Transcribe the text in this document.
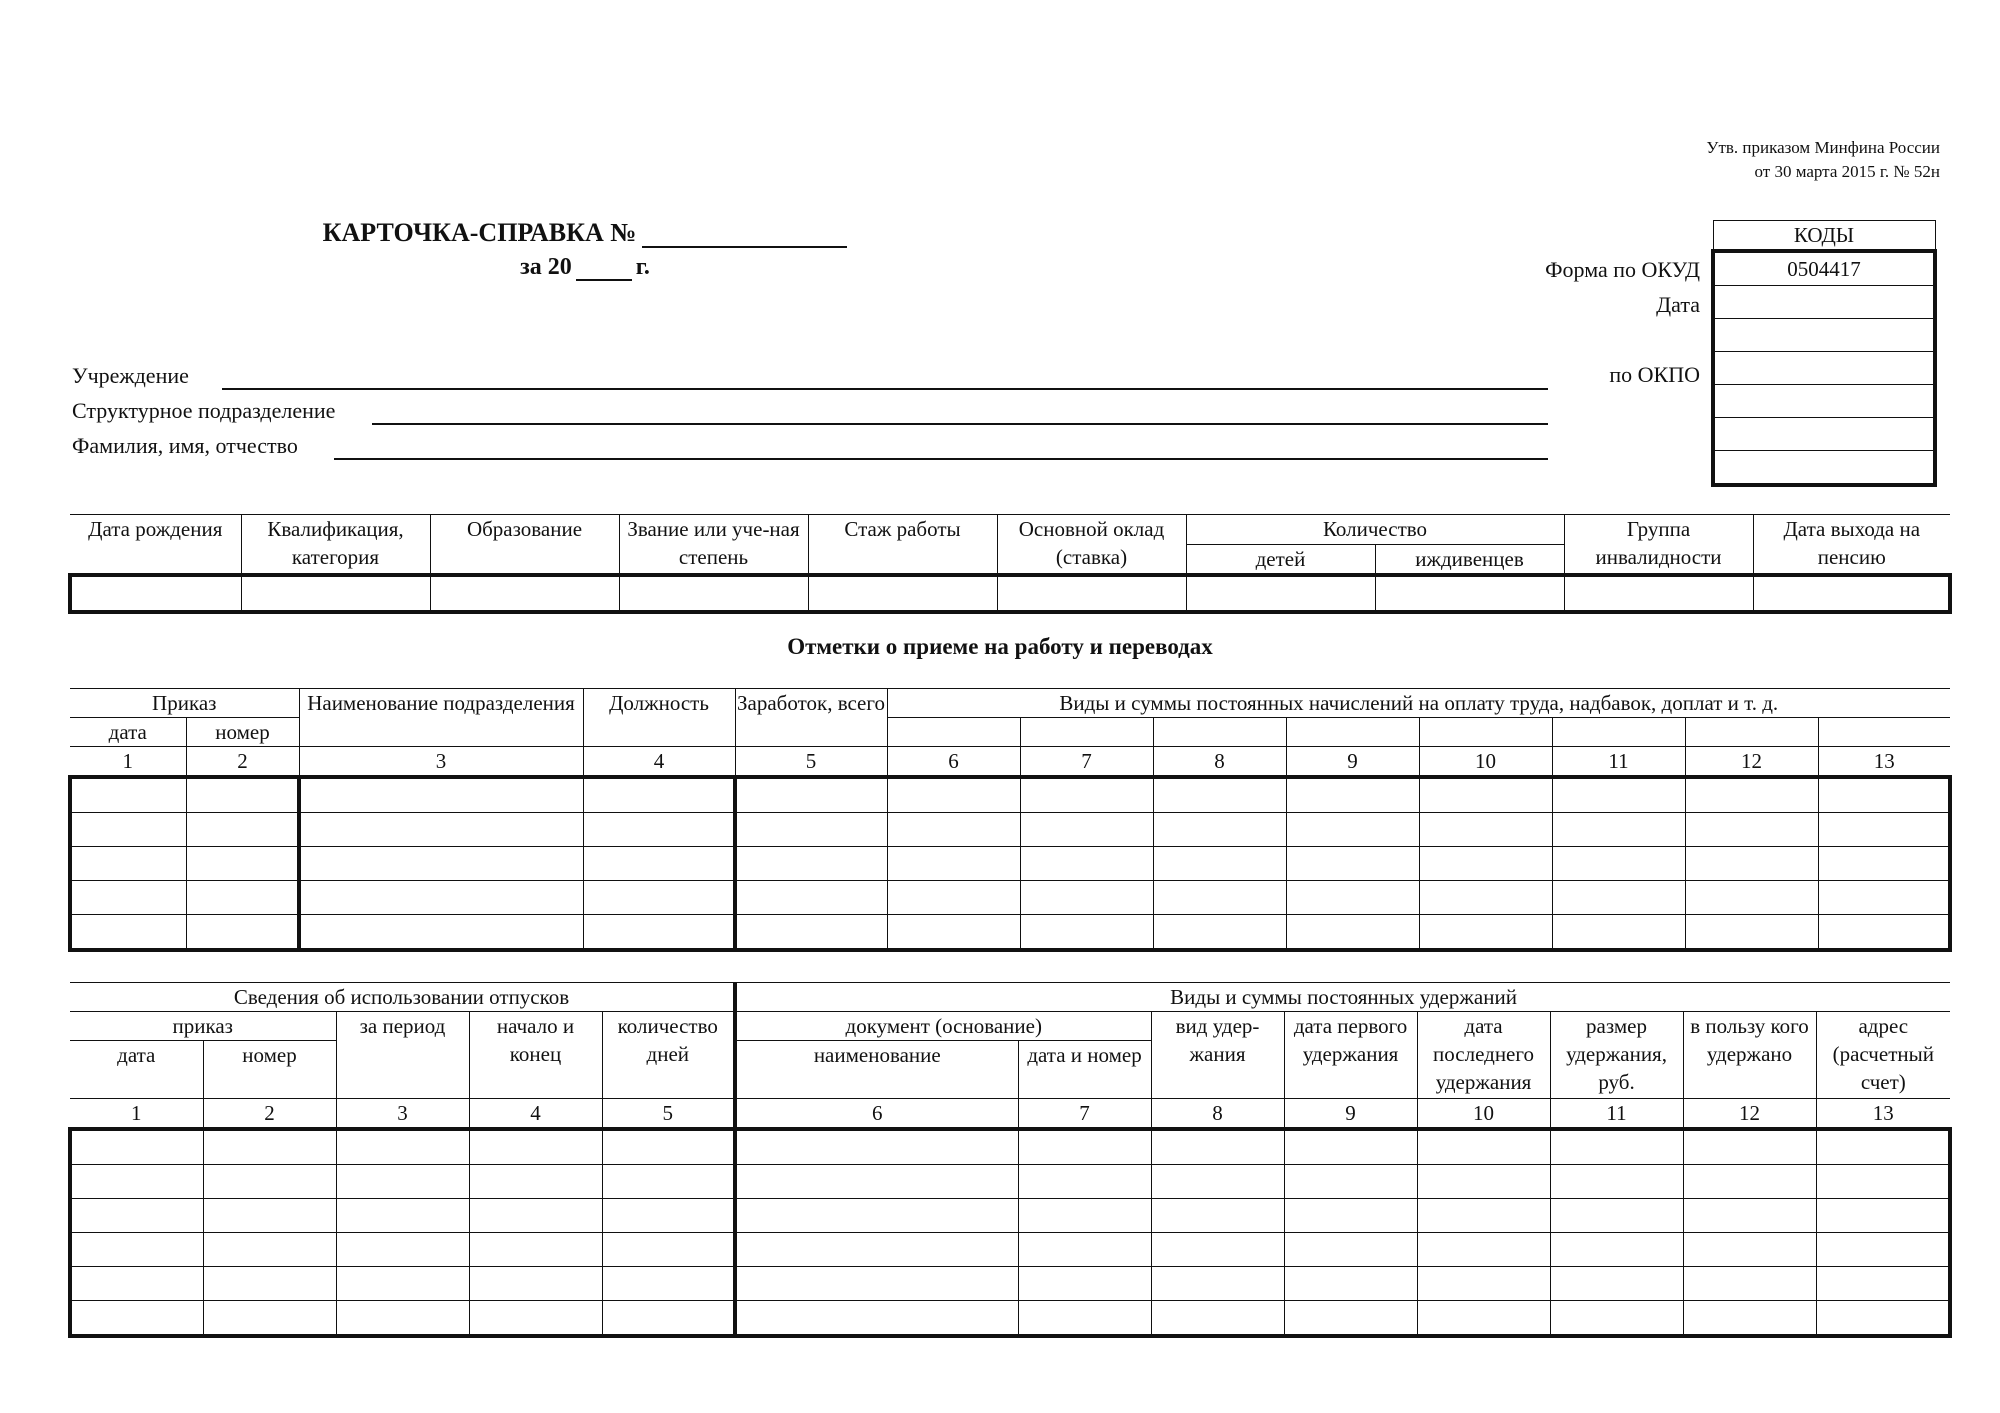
Утв. приказом Минфина России
от 30 марта 2015 г. № 52н
КАРТОЧКА-СПРАВКА №
за 20	г.
КОДЫ
0504417

Форма по ОКУД
Дата
по ОКПО
Учреждение
Структурное подразделение
Фамилия, имя, отчество
Дата рождения	Квалификация, категория	Образование	Звание или уче-ная степень	Стаж работы	Основной оклад (ставка)	Количество		Группа инвалидности	Дата выхода на пенсию
						детей	иждивенцев		

Отметки о приеме на работу и переводах
Приказ		Наименование подразделения	Должность	Заработок, всего	Виды и суммы постоянных начислений на оплату труда, надбавок, доплат и т. д.							
дата	номер											
1	2	3	4	5	6	7	8	9	10	11	12	13

Сведения об использовании отпусков					Виды и суммы постоянных удержаний							
приказ		за период	начало и конец	количество дней	документ (основание)		вид удер-жания	дата первого удержания	дата последнего удержания	размер удержания, руб.	в пользу кого удержано	адрес (расчетный счет)
дата	номер				наименование	дата и номер						
1	2	3	4	5	6	7	8	9	10	11	12	13
